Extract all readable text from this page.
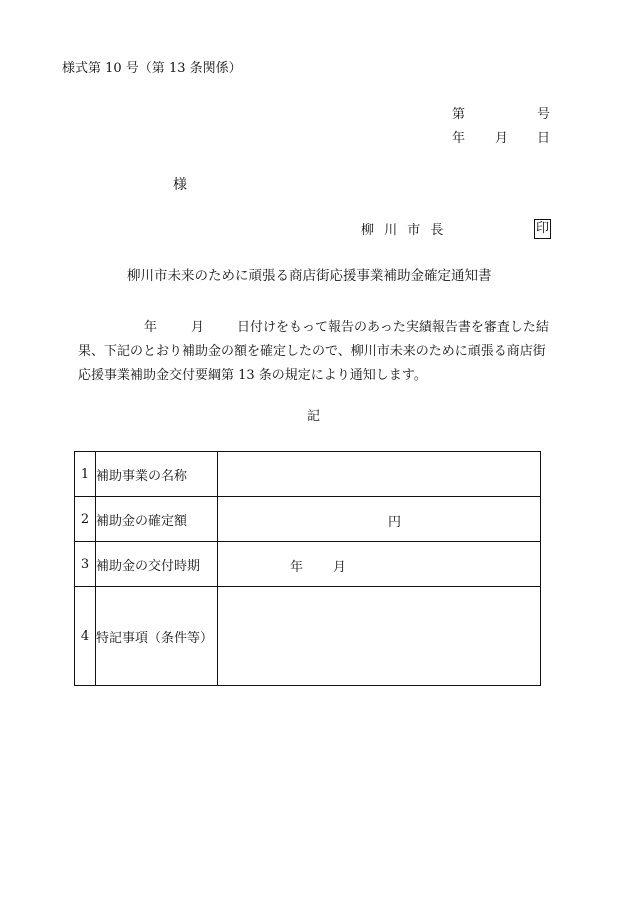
様式第 10 号（第 13 条関係）
第	号
年 月 日
様
柳 川 市 長	印
柳川市未来のために頑張る商店街応援事業補助金確定通知書
年	月	日付けをもって報告のあった実績報告書を審査した結
果、下記のとおり補助金の額を確定したので、柳川市未来のために頑張る商店街
応援事業補助金交付要綱第 13 条の規定により通知します。
記
1	補助事業の名称	
2	補助金の確定額	円

3	補助金の交付時期	年 月

4	特記事項（条件等）	
